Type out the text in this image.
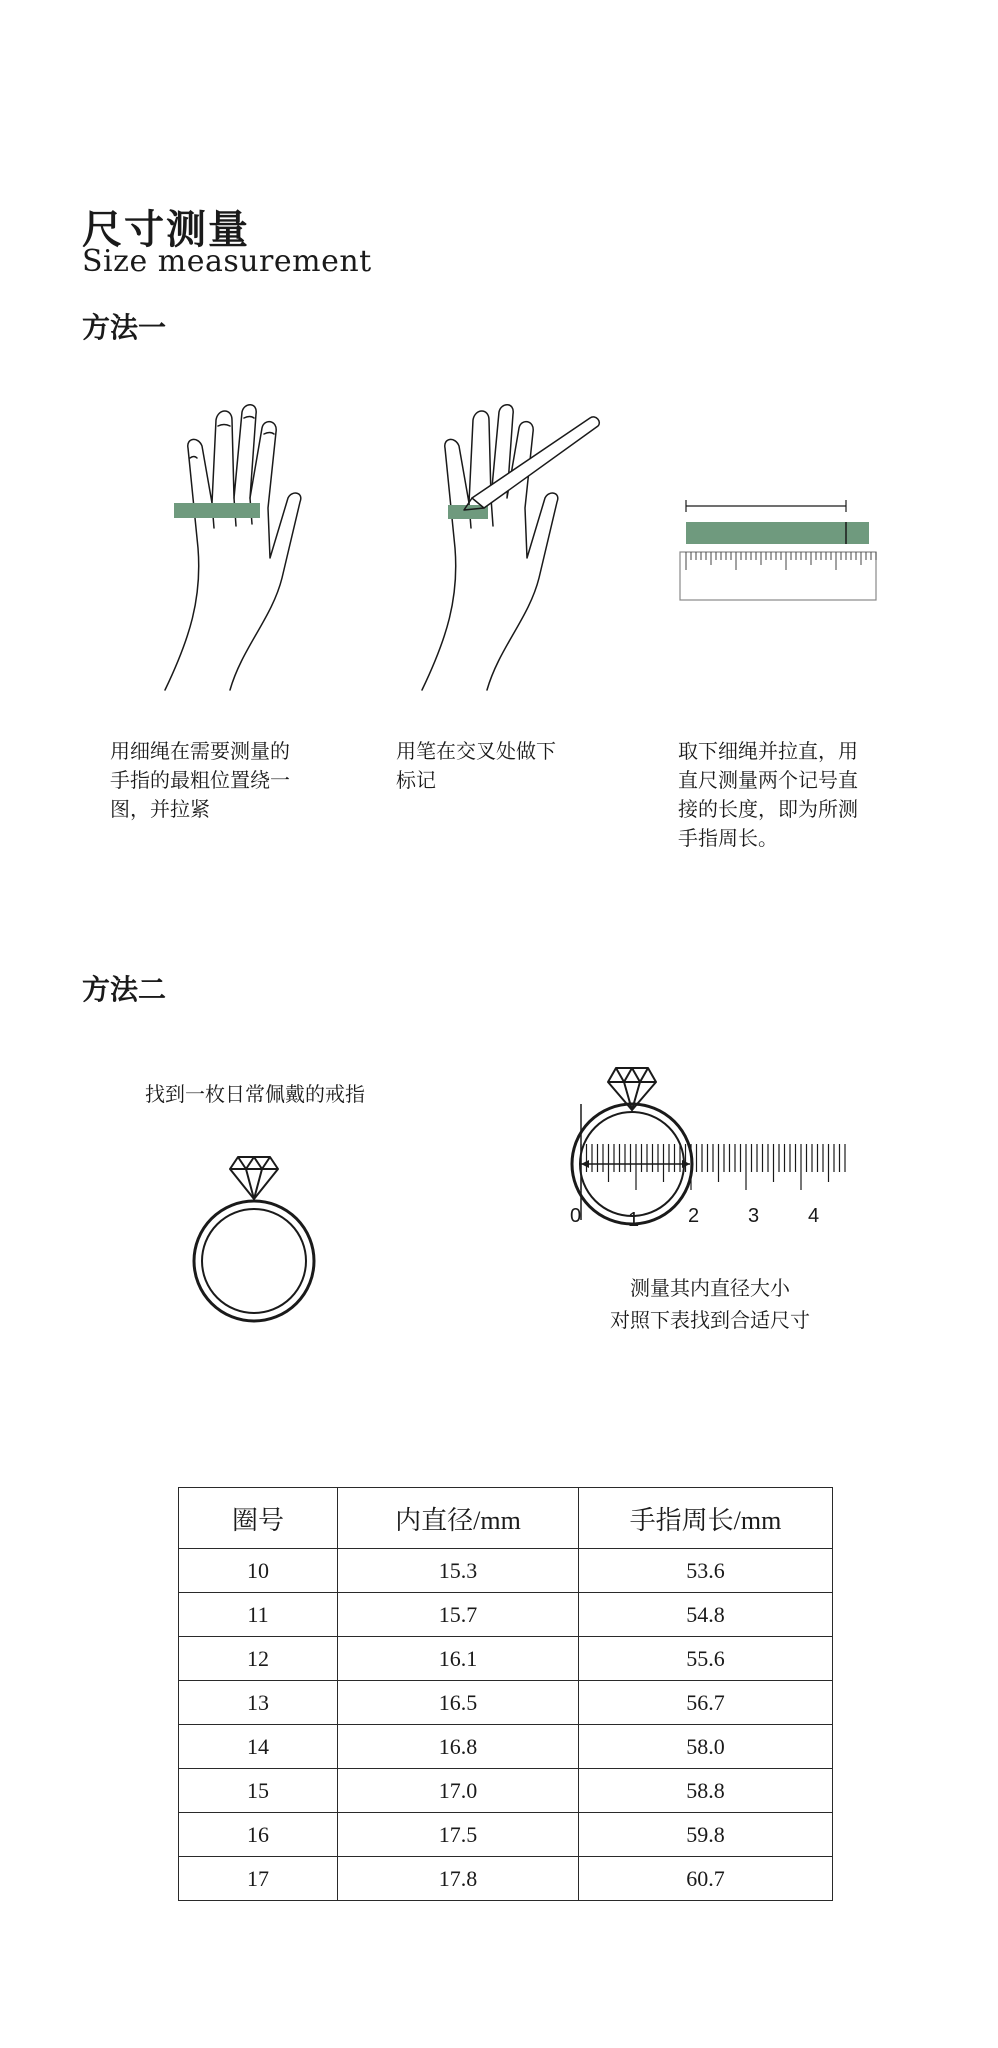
尺寸测量
Size measurement
方法一
用细绳在需要测量的
手指的最粗位置绕一
图，并拉紧
用笔在交叉处做下
标记
取下细绳并拉直，用
直尺测量两个记号直
接的长度，即为所测
手指周长。
方法二
找到一枚日常佩戴的戒指
0 1 2 3 4
测量其内直径大小
对照下表找到合适尺寸
圈号	内直径/mm	手指周长/mm
10	15.3	53.6
11	15.7	54.8
12	16.1	55.6
13	16.5	56.7
14	16.8	58.0
15	17.0	58.8
16	17.5	59.8
17	17.8	60.7
